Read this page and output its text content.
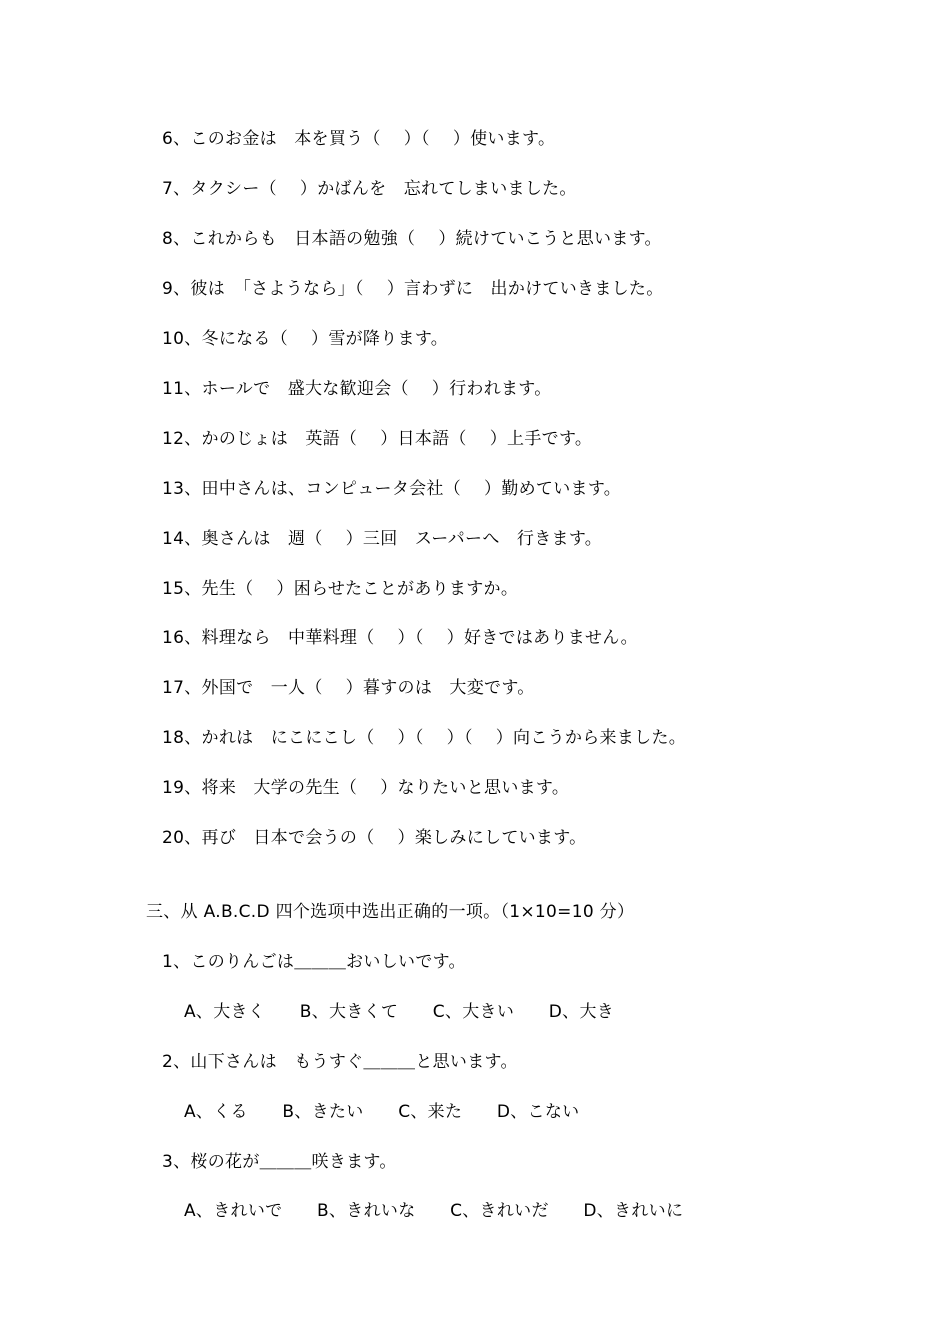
6、このお金は　本を買う（　 ）（　 ）使います。
7、タクシー（　 ）かばんを　忘れてしまいました。
8、これからも　日本語の勉強（　 ）続けていこうと思います。
9、彼は　「さようなら」（　 ）言わずに　出かけていきました。
10、冬になる（　 ）雪が降ります。
11、ホールで　盛大な歓迎会（　 ）行われます。
12、かのじょは　英語（　 ）日本語（　 ）上手です。
13、田中さんは、コンピュータ会社（　 ）勤めています。
14、奥さんは　週（　 ）三回　スーパーへ　行きます。
15、先生（　 ）困らせたことがありますか。
16、料理なら　中華料理（　 ）（　 ）好きではありません。
17、外国で　一人（　 ）暮すのは　大変です。
18、かれは　にこにこし（　 ）（　 ）（　 ）向こうから来ました。
19、将来　大学の先生（　 ）なりたいと思います。
20、再び　日本で会うの（　 ）楽しみにしています。
三、从 A.B.C.D 四个选项中选出正确的一项。（1×10=10 分）
1、このりんごは＿＿＿おいしいです。
A、大きく　　B、大きくて　　C、大きい　　D、大き
2、山下さんは　もうすぐ＿＿＿と思います。
A、くる　　B、きたい　　C、来た　　D、こない
3、桜の花が＿＿＿咲きます。
A、きれいで　　B、きれいな　　C、きれいだ　　D、きれいに
